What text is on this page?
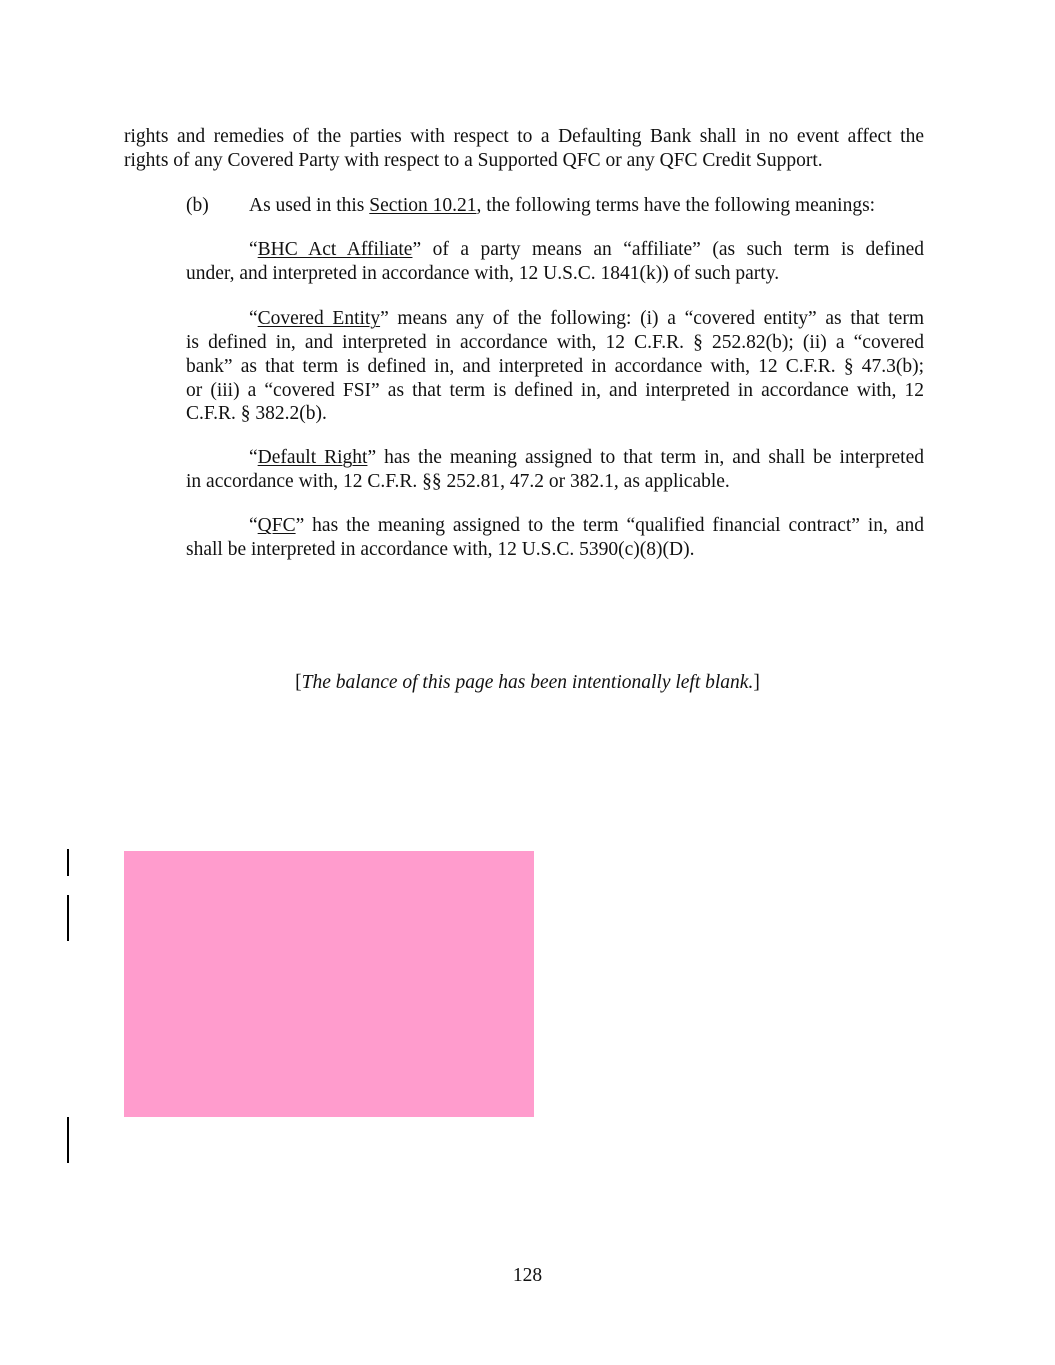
rights and remedies of the parties with respect to a Defaulting Bank shall in no event affect the
rights of any Covered Party with respect to a Supported QFC or any QFC Credit Support.
(b) As used in this Section 10.21, the following terms have the following meanings:
“BHC Act Affiliate” of a party means an “affiliate” (as such term is defined
under, and interpreted in accordance with, 12 U.S.C. 1841(k)) of such party.
“Covered Entity” means any of the following: (i) a “covered entity” as that term
is defined in, and interpreted in accordance with, 12 C.F.R. § 252.82(b); (ii) a “covered
bank” as that term is defined in, and interpreted in accordance with, 12 C.F.R. § 47.3(b);
or (iii) a “covered FSI” as that term is defined in, and interpreted in accordance with, 12
C.F.R. § 382.2(b).
“Default Right” has the meaning assigned to that term in, and shall be interpreted
in accordance with, 12 C.F.R. §§ 252.81, 47.2 or 382.1, as applicable.
“QFC” has the meaning assigned to the term “qualified financial contract” in, and
shall be interpreted in accordance with, 12 U.S.C. 5390(c)(8)(D).
[The balance of this page has been intentionally left blank.]
128
